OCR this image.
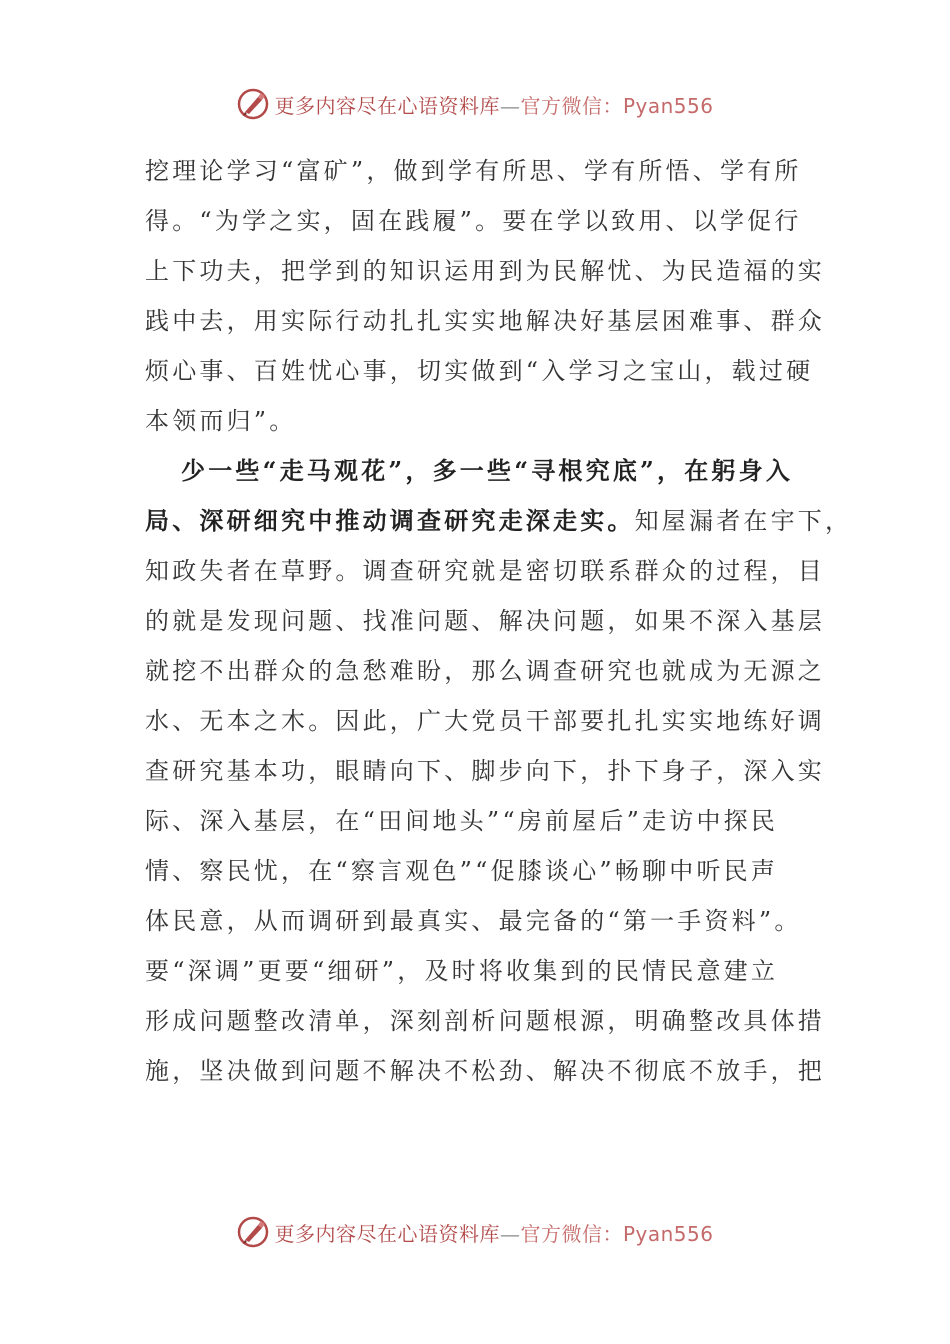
更多内容尽在心语资料库—官方微信：Pyan556
挖理论学习“富矿”，做到学有所思、学有所悟、学有所
得。“为学之实，固在践履”。要在学以致用、以学促行
上下功夫，把学到的知识运用到为民解忧、为民造福的实
践中去，用实际行动扎扎实实地解决好基层困难事、群众
烦心事、百姓忧心事，切实做到“入学习之宝山，载过硬
本领而归”。
少一些“走马观花”，多一些“寻根究底”，在躬身入
局、深研细究中推动调查研究走深走实。知屋漏者在宇下，
知政失者在草野。调查研究就是密切联系群众的过程，目
的就是发现问题、找准问题、解决问题，如果不深入基层
就挖不出群众的急愁难盼，那么调查研究也就成为无源之
水、无本之木。因此，广大党员干部要扎扎实实地练好调
查研究基本功，眼睛向下、脚步向下，扑下身子，深入实
际、深入基层，在“田间地头”“房前屋后”走访中探民
情、察民忧，在“察言观色”“促膝谈心”畅聊中听民声
体民意，从而调研到最真实、最完备的“第一手资料”。
要“深调”更要“细研”，及时将收集到的民情民意建立
形成问题整改清单，深刻剖析问题根源，明确整改具体措
施，坚决做到问题不解决不松劲、解决不彻底不放手，把
更多内容尽在心语资料库—官方微信：Pyan556
